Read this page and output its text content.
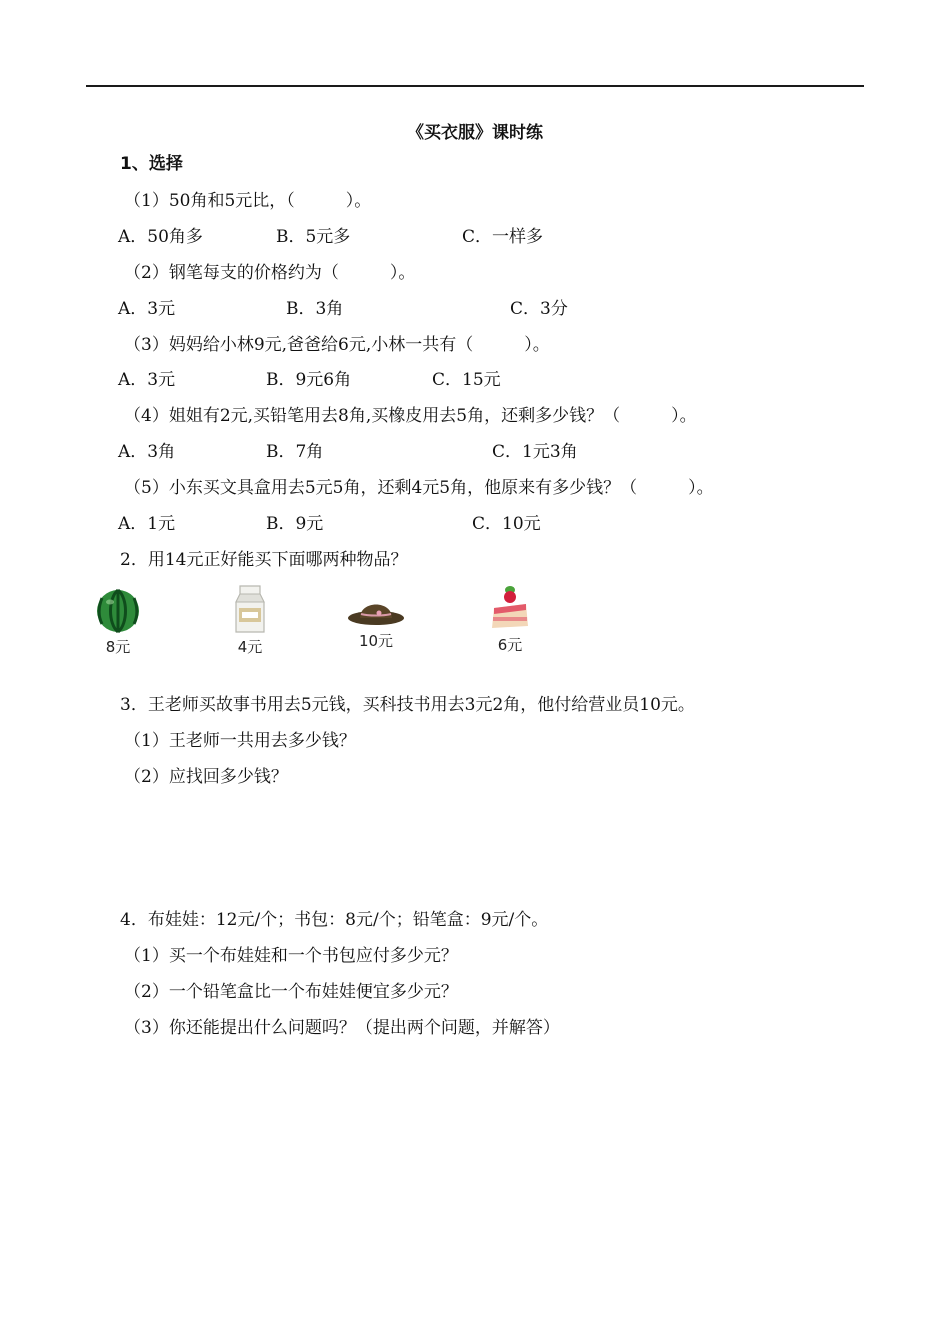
《买衣服》课时练
1、选择
（1）50角和5元比，（　　　）。
A．50角多	B．5元多	C．一样多
（2）钢笔每支的价格约为（　　　）。
A．3元	B．3角	C．3分
（3）妈妈给小林9元,爸爸给6元,小林一共有（　　　）。
A．3元	B．9元6角	C．15元
（4）姐姐有2元,买铅笔用去8角,买橡皮用去5角，还剩多少钱？（　　　）。
A．3角	B．7角	C．1元3角
（5）小东买文具盒用去5元5角，还剩4元5角，他原来有多少钱？（　　　）。
A．1元	B．9元	C．10元
2．用14元正好能买下面哪两种物品？
8元	4元	10元	6元
3．王老师买故事书用去5元钱，买科技书用去3元2角，他付给营业员10元。
（1）王老师一共用去多少钱？
（2）应找回多少钱？
4．布娃娃：12元/个；书包：8元/个；铅笔盒：9元/个。
（1）买一个布娃娃和一个书包应付多少元？
（2）一个铅笔盒比一个布娃娃便宜多少元？
（3）你还能提出什么问题吗？（提出两个问题，并解答）
